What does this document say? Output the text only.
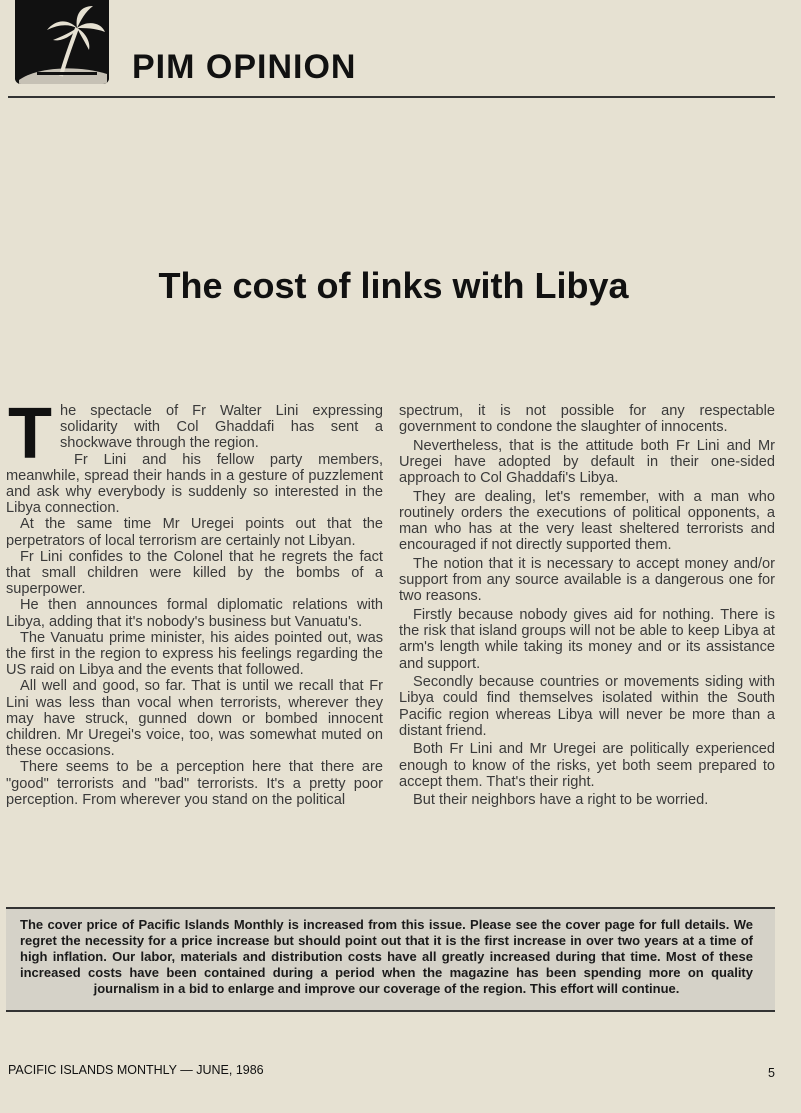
PIM OPINION
The cost of links with Libya

The spectacle of Fr Walter Lini expressing solidarity with Col Ghaddafi has sent a shockwave through the region.

Fr Lini and his fellow party members, meanwhile, spread their hands in a gesture of puzzlement and ask why everybody is suddenly so interested in the Libya connection.

At the same time Mr Uregei points out that the perpetrators of local terrorism are certainly not Libyan.

Fr Lini confides to the Colonel that he regrets the fact that small children were killed by the bombs of a superpower.

He then announces formal diplomatic relations with Libya, adding that it's nobody's business but Vanuatu's.

The Vanuatu prime minister, his aides pointed out, was the first in the region to express his feelings regarding the US raid on Libya and the events that followed.

All well and good, so far. That is until we recall that Fr Lini was less than vocal when terrorists, wherever they may have struck, gunned down or bombed innocent children. Mr Uregei's voice, too, was somewhat muted on these occasions.

There seems to be a perception here that there are "good" terrorists and "bad" terrorists. It's a pretty poor perception. From wherever you stand on the political

spectrum, it is not possible for any respectable government to condone the slaughter of innocents.

Nevertheless, that is the attitude both Fr Lini and Mr Uregei have adopted by default in their one-sided approach to Col Ghaddafi's Libya.

They are dealing, let's remember, with a man who routinely orders the executions of political opponents, a man who has at the very least sheltered terrorists and encouraged if not directly supported them.

The notion that it is necessary to accept money and/or support from any source available is a dangerous one for two reasons.

Firstly because nobody gives aid for nothing. There is the risk that island groups will not be able to keep Libya at arm's length while taking its money and or its assistance and support.

Secondly because countries or movements siding with Libya could find themselves isolated within the South Pacific region whereas Libya will never be more than a distant friend.

Both Fr Lini and Mr Uregei are politically experienced enough to know of the risks, yet both seem prepared to accept them. That's their right.

But their neighbors have a right to be worried.

The cover price of Pacific Islands Monthly is increased from this issue. Please see the cover page for full details. We regret the necessity for a price increase but should point out that it is the first increase in over two years at a time of high inflation. Our labor, materials and distribution costs have all greatly increased during that time. Most of these increased costs have been contained during a period when the magazine has been spending more on quality journalism in a bid to enlarge and improve our coverage of the region. This effort will continue.

PACIFIC ISLANDS MONTHLY — JUNE, 1986	5
